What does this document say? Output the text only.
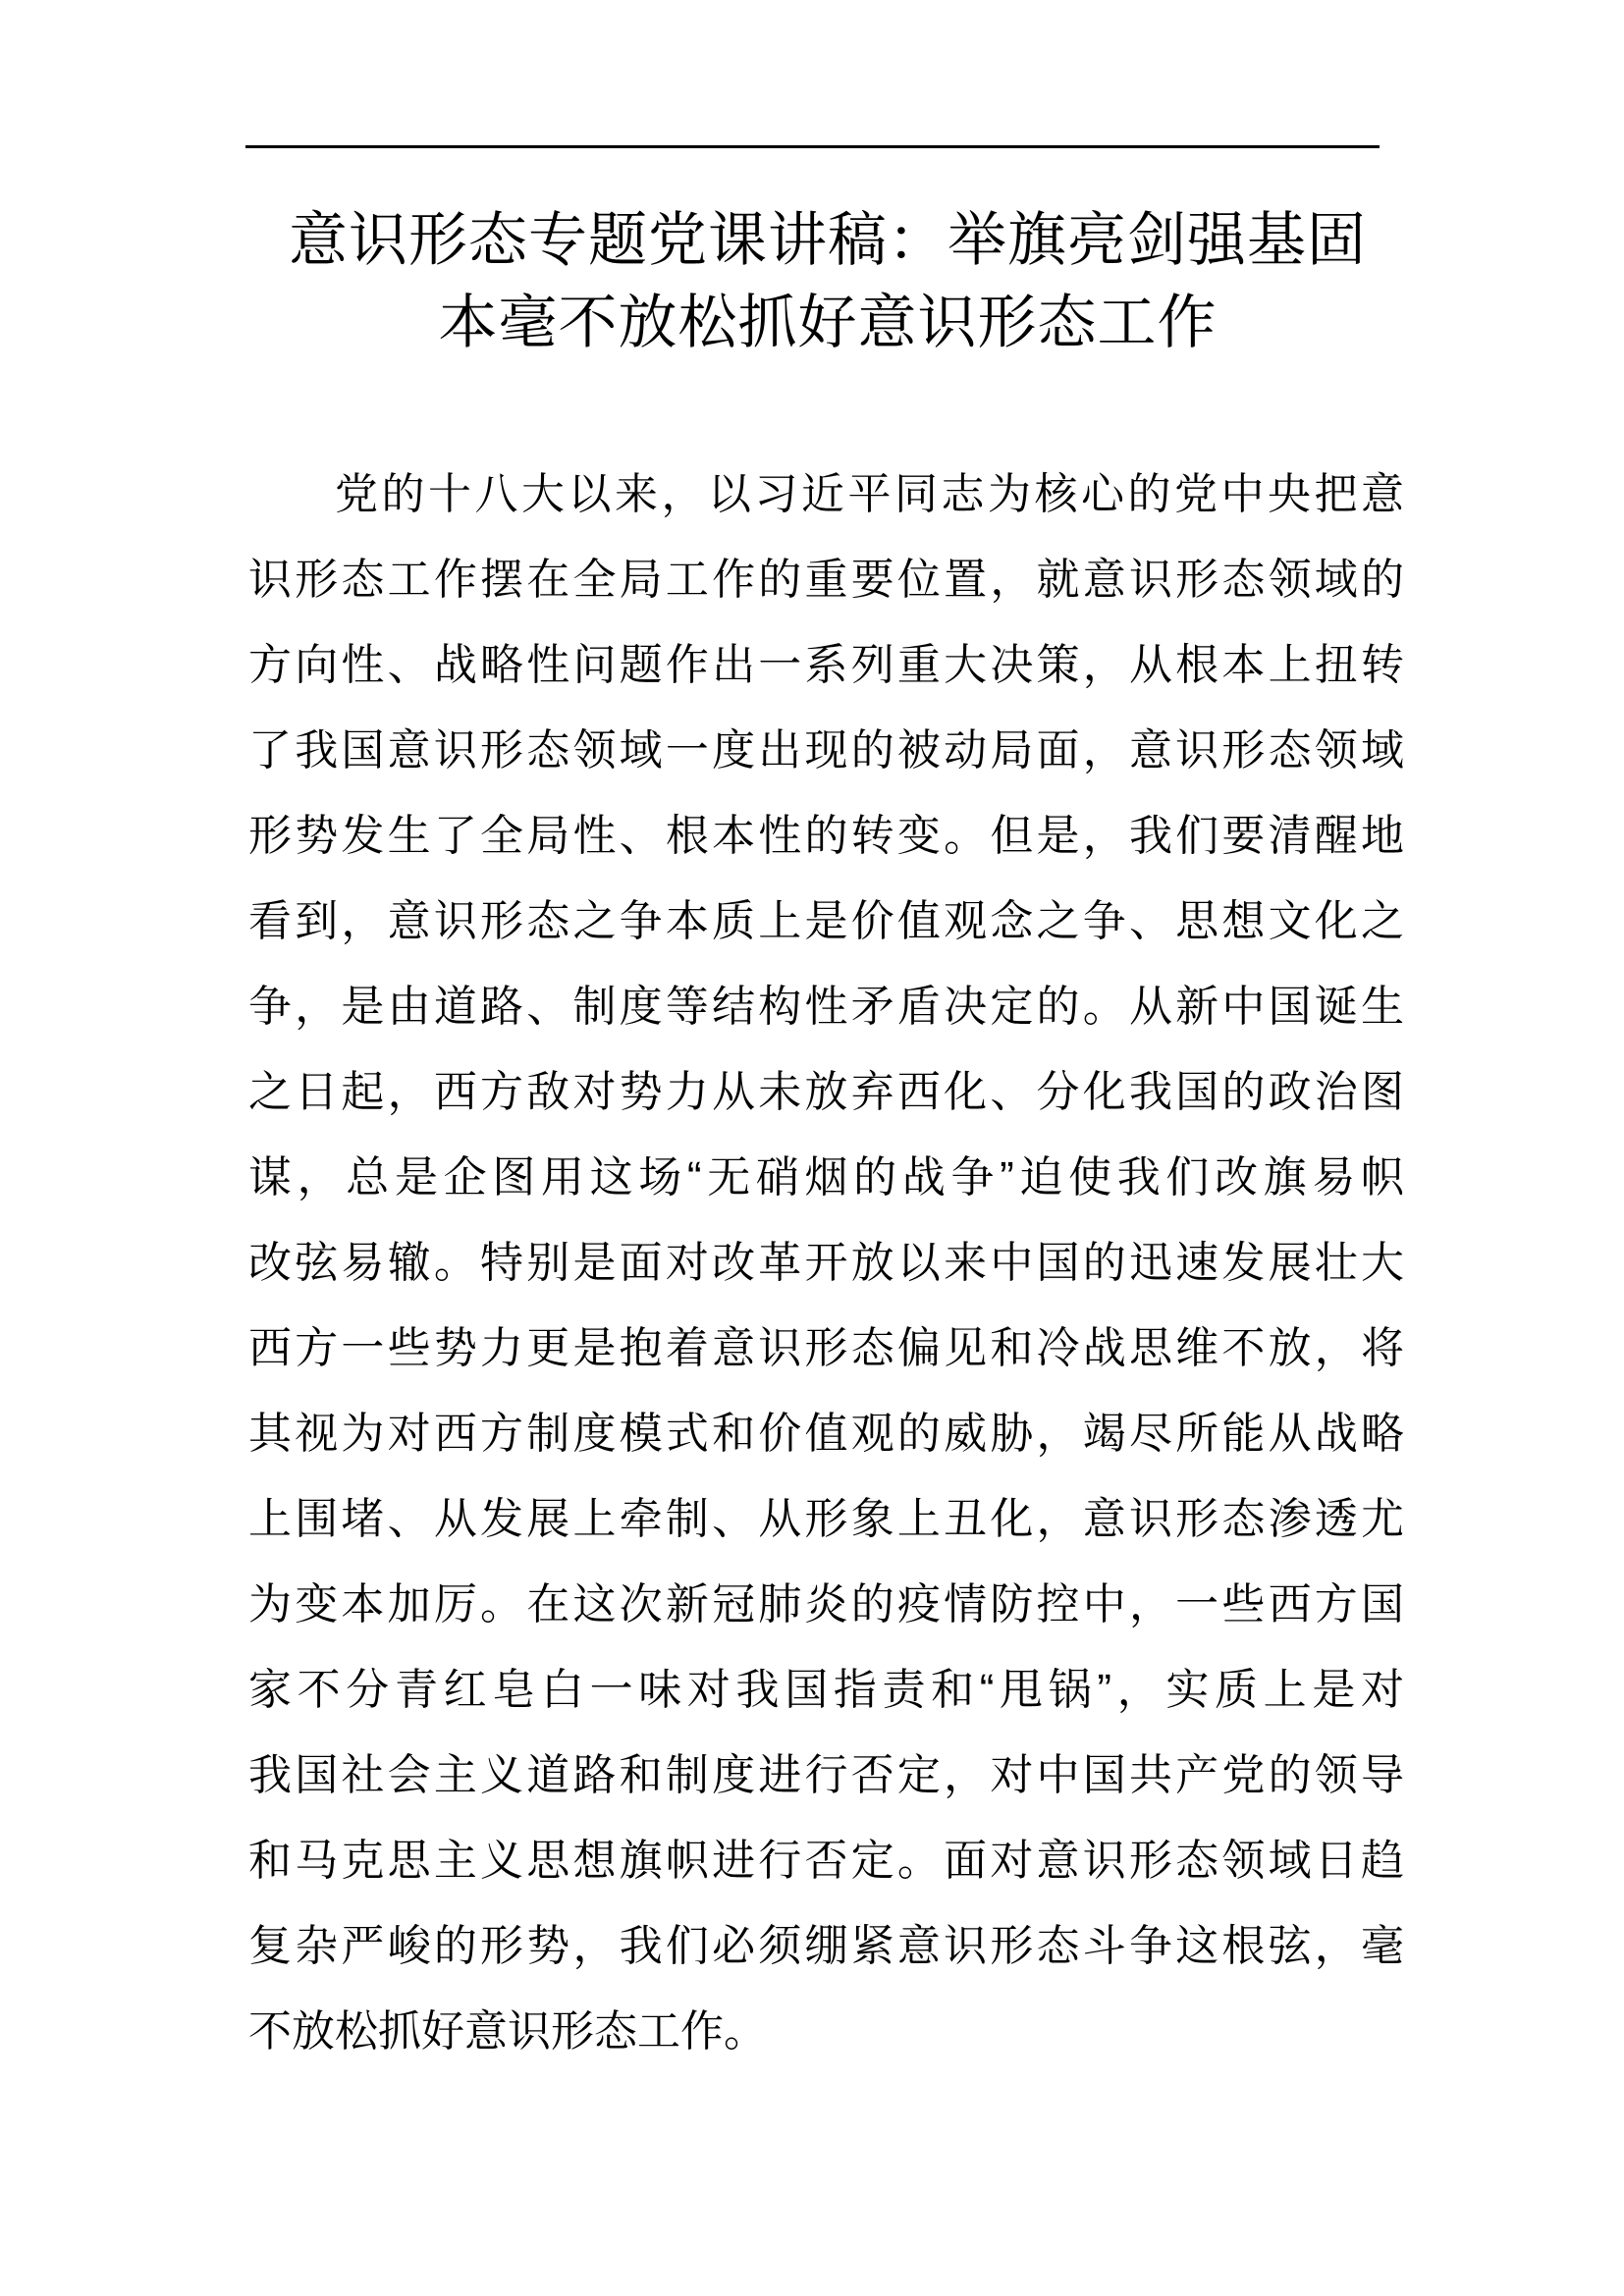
意识形态专题党课讲稿：举旗亮剑强基固
本毫不放松抓好意识形态工作
党的十八大以来，以习近平同志为核心的党中央把意
识形态工作摆在全局工作的重要位置，就意识形态领域的
方向性、战略性问题作出一系列重大决策，从根本上扭转
了我国意识形态领域一度出现的被动局面，意识形态领域
形势发生了全局性、根本性的转变。但是，我们要清醒地
看到，意识形态之争本质上是价值观念之争、思想文化之
争，是由道路、制度等结构性矛盾决定的。从新中国诞生
之日起，西方敌对势力从未放弃西化、分化我国的政治图
谋，总是企图用这场“无硝烟的战争”迫使我们改旗易帜
改弦易辙。特别是面对改革开放以来中国的迅速发展壮大
西方一些势力更是抱着意识形态偏见和冷战思维不放，将
其视为对西方制度模式和价值观的威胁，竭尽所能从战略
上围堵、从发展上牵制、从形象上丑化，意识形态渗透尤
为变本加厉。在这次新冠肺炎的疫情防控中，一些西方国
家不分青红皂白一味对我国指责和“甩锅”，实质上是对
我国社会主义道路和制度进行否定，对中国共产党的领导
和马克思主义思想旗帜进行否定。面对意识形态领域日趋
复杂严峻的形势，我们必须绷紧意识形态斗争这根弦，毫
不放松抓好意识形态工作。
